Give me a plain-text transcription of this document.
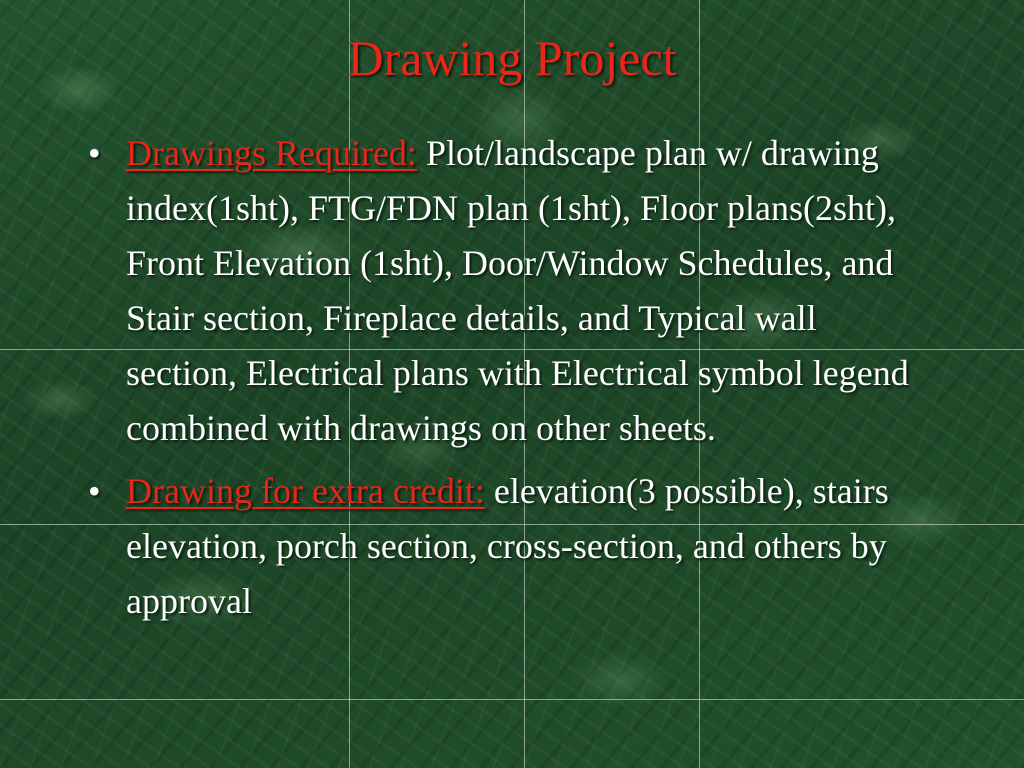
Drawing Project
• Drawings Required: Plot/landscape plan w/ drawing index(1sht), FTG/FDN plan (1sht), Floor plans(2sht), Front Elevation (1sht), Door/Window Schedules, and Stair section, Fireplace details, and Typical wall section, Electrical plans with Electrical symbol legend combined with drawings on other sheets.
• Drawing for extra credit: elevation(3 possible), stairs elevation, porch section, cross-section, and others by approval
